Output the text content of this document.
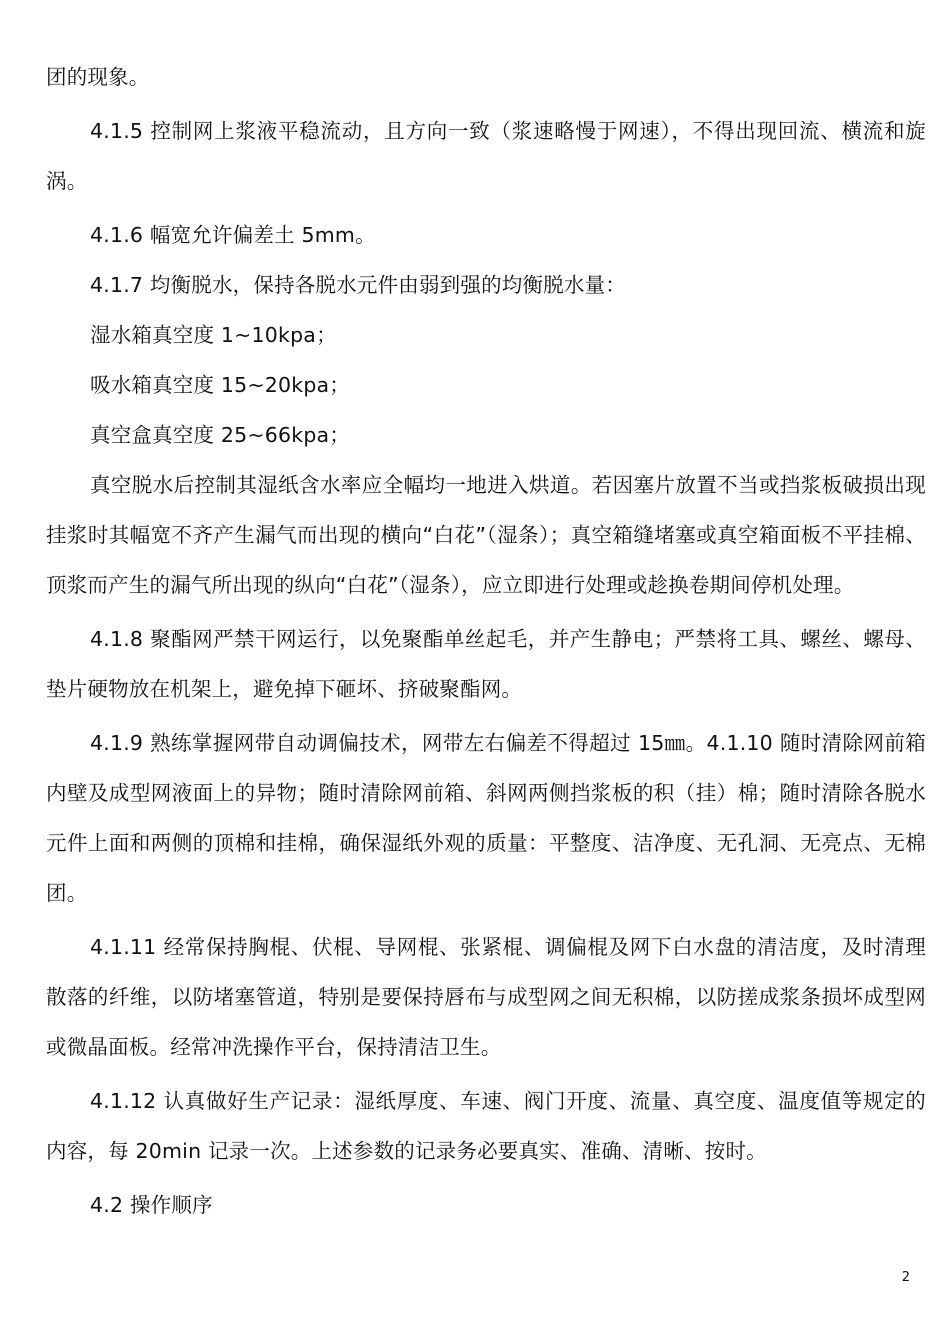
团的现象。

4.1.5 控制网上浆液平稳流动，且方向一致（浆速略慢于网速），不得出现回流、横流和旋涡。

4.1.6 幅宽允许偏差土 5mm。

4.1.7 均衡脱水，保持各脱水元件由弱到强的均衡脱水量：

湿水箱真空度 1~10kpa；

吸水箱真空度 15~20kpa；

真空盒真空度 25~66kpa；

真空脱水后控制其湿纸含水率应全幅均一地进入烘道。若因塞片放置不当或挡浆板破损出现挂浆时其幅宽不齐产生漏气而出现的横向“白花”（湿条）；真空箱缝堵塞或真空箱面板不平挂棉、顶浆而产生的漏气所出现的纵向“白花”（湿条），应立即进行处理或趁换卷期间停机处理。

4.1.8 聚酯网严禁干网运行，以免聚酯单丝起毛，并产生静电；严禁将工具、螺丝、螺母、垫片硬物放在机架上，避免掉下砸坏、挤破聚酯网。

4.1.9 熟练掌握网带自动调偏技术，网带左右偏差不得超过 15㎜。4.1.10 随时清除网前箱内壁及成型网液面上的异物；随时清除网前箱、斜网两侧挡浆板的积（挂）棉；随时清除各脱水元件上面和两侧的顶棉和挂棉，确保湿纸外观的质量：平整度、洁净度、无孔洞、无亮点、无棉团。

4.1.11 经常保持胸棍、伏棍、导网棍、张紧棍、调偏棍及网下白水盘的清洁度，及时清理散落的纤维，以防堵塞管道，特别是要保持唇布与成型网之间无积棉，以防搓成浆条损坏成型网或微晶面板。经常冲洗操作平台，保持清洁卫生。

4.1.12 认真做好生产记录：湿纸厚度、车速、阀门开度、流量、真空度、温度值等规定的内容，每 20min 记录一次。上述参数的记录务必要真实、准确、清晰、按时。

4.2 操作顺序

2
